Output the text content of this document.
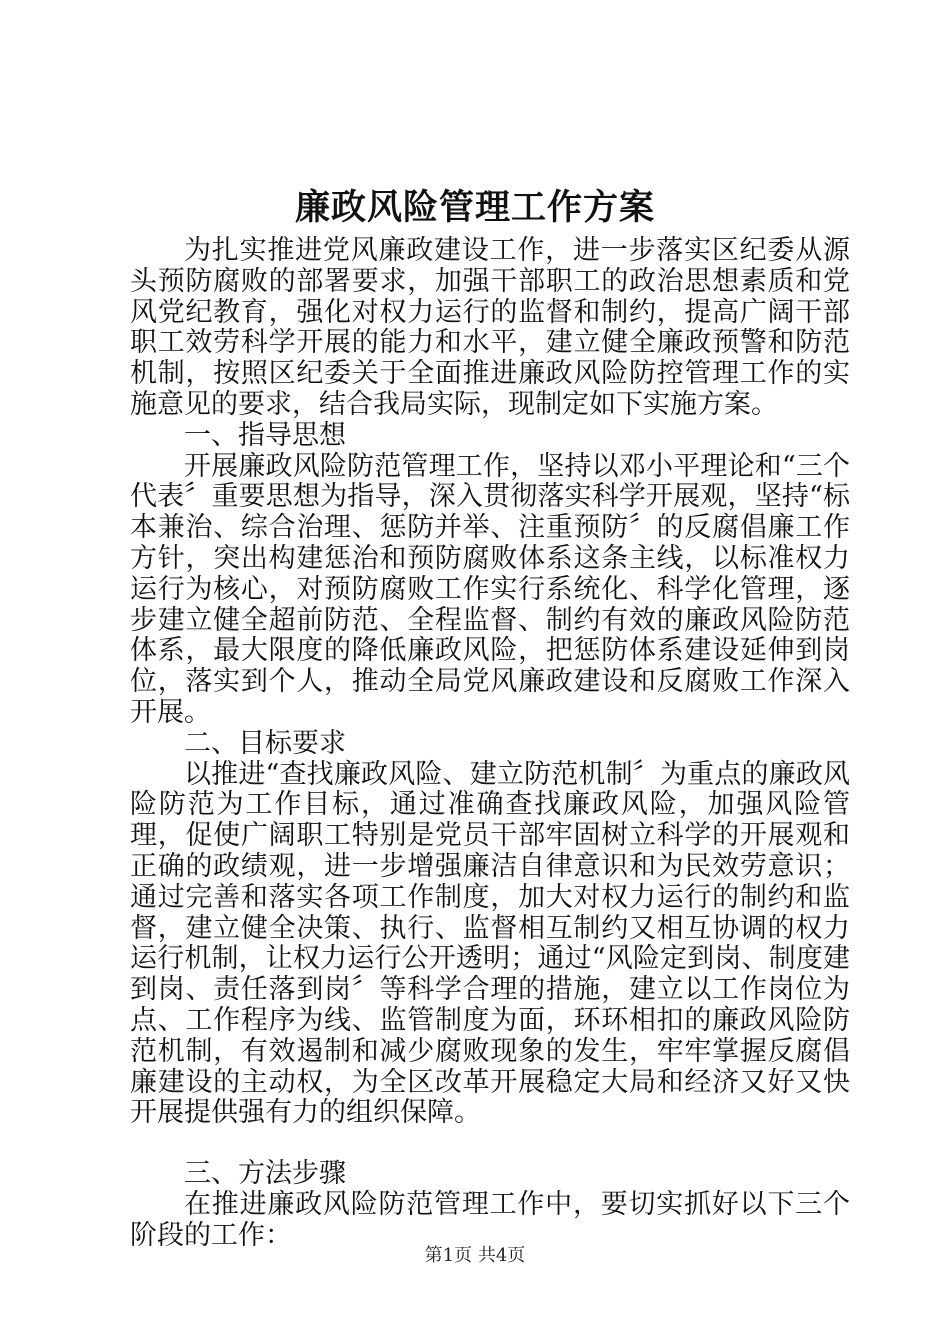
廉政风险管理工作方案

为扎实推进党风廉政建设工作，进一步落实区纪委从源头预防腐败的部署要求，加强干部职工的政治思想素质和党风党纪教育，强化对权力运行的监督和制约，提高广阔干部职工效劳科学开展的能力和水平，建立健全廉政预警和防范机制，按照区纪委关于全面推进廉政风险防控管理工作的实施意见的要求，结合我局实际，现制定如下实施方案。

一、指导思想

开展廉政风险防范管理工作，坚持以邓小平理论和“三个代表〞重要思想为指导，深入贯彻落实科学开展观，坚持“标本兼治、综合治理、惩防并举、注重预防〞的反腐倡廉工作方针，突出构建惩治和预防腐败体系这条主线，以标准权力运行为核心，对预防腐败工作实行系统化、科学化管理，逐步建立健全超前防范、全程监督、制约有效的廉政风险防范体系，最大限度的降低廉政风险，把惩防体系建设延伸到岗位，落实到个人，推动全局党风廉政建设和反腐败工作深入开展。

二、目标要求

以推进“查找廉政风险、建立防范机制〞为重点的廉政风险防范为工作目标，通过准确查找廉政风险，加强风险管理，促使广阔职工特别是党员干部牢固树立科学的开展观和正确的政绩观，进一步增强廉洁自律意识和为民效劳意识；通过完善和落实各项工作制度，加大对权力运行的制约和监督，建立健全决策、执行、监督相互制约又相互协调的权力运行机制，让权力运行公开透明；通过“风险定到岗、制度建到岗、责任落到岗〞等科学合理的措施，建立以工作岗位为点、工作程序为线、监管制度为面，环环相扣的廉政风险防范机制，有效遏制和减少腐败现象的发生，牢牢掌握反腐倡廉建设的主动权，为全区改革开展稳定大局和经济又好又快开展提供强有力的组织保障。

三、方法步骤

在推进廉政风险防范管理工作中，要切实抓好以下三个阶段的工作：

第1页 共4页
